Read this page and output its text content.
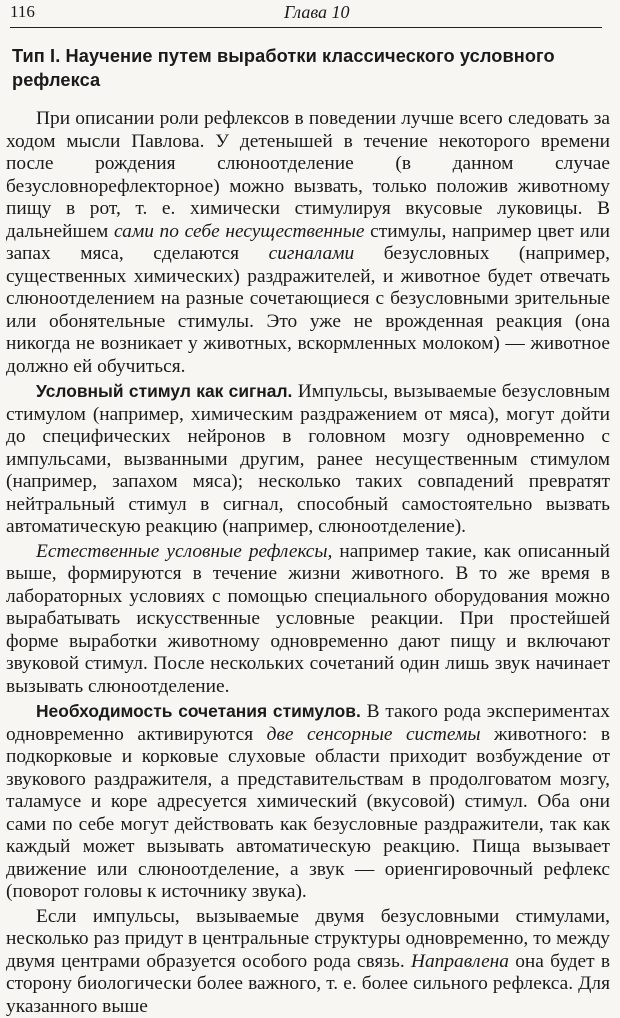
116	Глава 10
Тип I. Научение путем выработки классического условного рефлекса

При описании роли рефлексов в поведении лучше всего следовать за ходом мысли Павлова. У детенышей в течение некоторого времени после рождения слюноотделение (в данном случае безусловнорефлекторное) можно вызвать, только положив животному пищу в рот, т. е. химически стимулируя вкусовые луковицы. В дальнейшем сами по себе несущественные стимулы, например цвет или запах мяса, сделаются сигналами безусловных (например, существенных химических) раздражителей, и животное будет отвечать слюноотделением на разные сочетающиеся с безусловными зрительные или обонятельные стимулы. Это уже не врожденная реакция (она никогда не возникает у животных, вскормленных молоком) — животное должно ей обучиться.

Условный стимул как сигнал. Импульсы, вызываемые безусловным стимулом (например, химическим раздражением от мяса), могут дойти до специфических нейронов в головном мозгу одновременно с импульсами, вызванными другим, ранее несущественным стимулом (например, запахом мяса); несколько таких совпадений превратят нейтральный стимул в сигнал, способный самостоятельно вызвать автоматическую реакцию (например, слюноотделение).

Естественные условные рефлексы, например такие, как описанный выше, формируются в течение жизни животного. В то же время в лабораторных условиях с помощью специального оборудования можно вырабатывать искусственные условные реакции. При простейшей форме выработки животному одновременно дают пищу и включают звуковой стимул. После нескольких сочетаний один лишь звук начинает вызывать слюноотделение.

Необходимость сочетания стимулов. В такого рода экспериментах одновременно активируются две сенсорные системы животного: в подкорковые и корковые слуховые области приходит возбуждение от звукового раздражителя, а представительствам в продолговатом мозгу, таламусе и коре адресуется химический (вкусовой) стимул. Оба они сами по себе могут действовать как безусловные раздражители, так как каждый может вызывать автоматическую реакцию. Пища вызывает движение или слюноотделение, а звук — ориенгировочный рефлекс (поворот головы к источнику звука).

Если импульсы, вызываемые двумя безусловными стимулами, несколько раз придут в центральные структуры одновременно, то между двумя центрами образуется особого рода связь. Направлена она будет в сторону биологически более важного, т. е. более сильного рефлекса. Для указанного выше
